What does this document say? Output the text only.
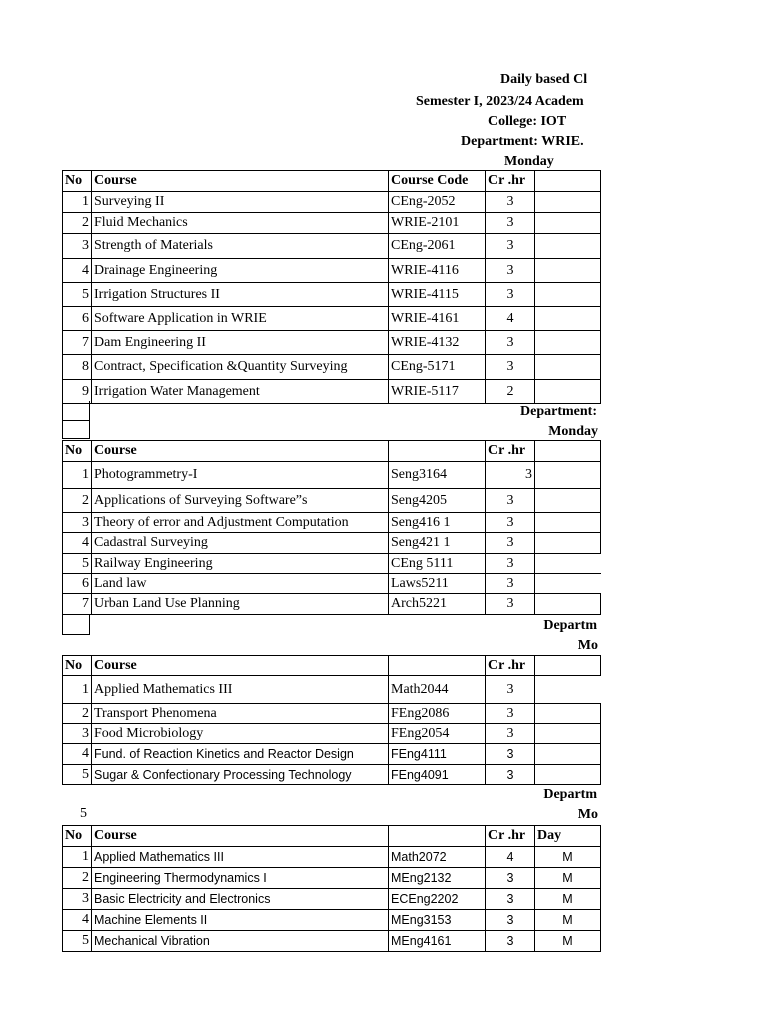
Daily based Cl
Semester I, 2023/24 Academ
College: IOT
Department: WRIE.
Monday
No	Course	Course Code	Cr .hr	
1	Surveying II	CEng-2052	3	
2	Fluid Mechanics	WRIE-2101	3	
3	Strength of Materials	CEng-2061	3	
4	Drainage Engineering	WRIE-4116	3	
5	Irrigation Structures II	WRIE-4115	3	
6	Software Application in WRIE	WRIE-4161	4	
7	Dam Engineering II	WRIE-4132	3	
8	Contract, Specification &Quantity Surveying	CEng-5171	3	
9	Irrigation Water Management	WRIE-5117	2	
Department:
Monday
No	Course		Cr .hr	
1	Photogrammetry-I	Seng3164	3	
2	Applications of Surveying Software”s	Seng4205	3	
3	Theory of error and Adjustment Computation	Seng416 1	3	
4	Cadastral Surveying	Seng421 1	3	
5	Railway Engineering	CEng 5111	3	
6	Land law	Laws5211	3	
7	Urban Land Use Planning	Arch5221	3	
Departm
Mo
No	Course		Cr .hr	
1	Applied Mathematics III	Math2044	3	
2	Transport Phenomena	FEng2086	3	
3	Food Microbiology	FEng2054	3	
4	Fund. of Reaction Kinetics and Reactor Design	FEng4111	3	
5	Sugar & Confectionary Processing Technology	FEng4091	3	
Departm
Mo
5
No	Course		Cr .hr	Day
1	Applied Mathematics III	Math2072	4	M
2	Engineering Thermodynamics I	MEng2132	3	M
3	Basic Electricity and Electronics	ECEng2202	3	M
4	Machine Elements II	MEng3153	3	M
5	Mechanical Vibration	MEng4161	3	M
